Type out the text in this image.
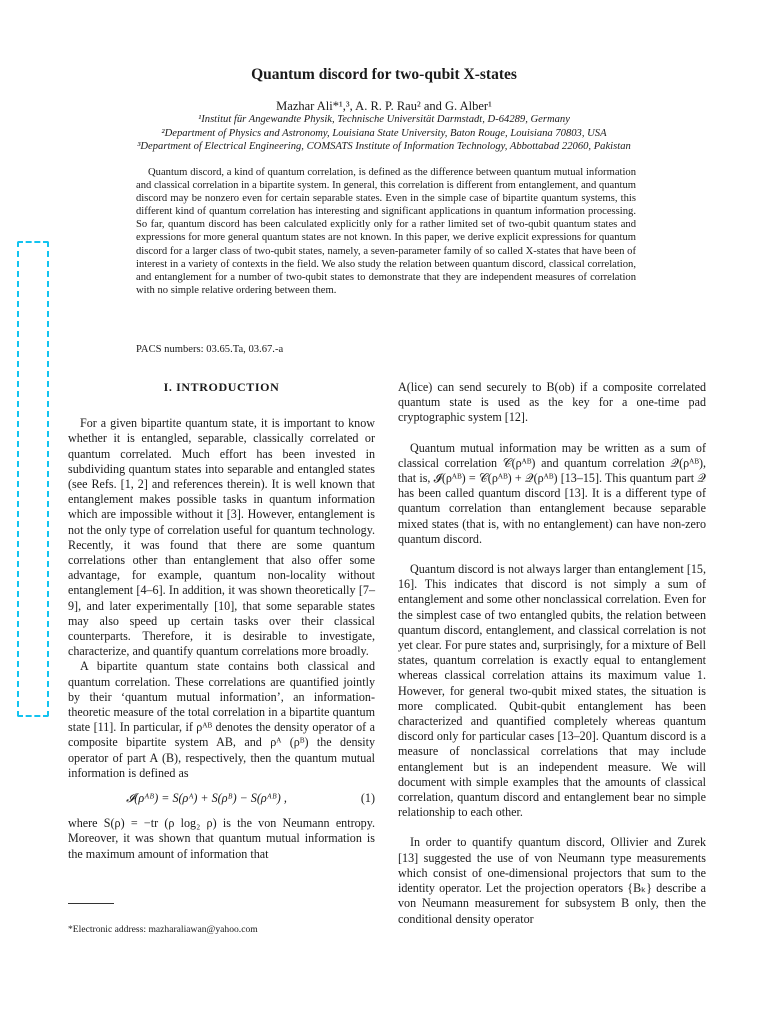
Quantum discord for two-qubit X-states
Mazhar Ali*¹,³, A. R. P. Rau² and G. Alber¹
¹Institut für Angewandte Physik, Technische Universität Darmstadt, D-64289, Germany
²Department of Physics and Astronomy, Louisiana State University, Baton Rouge, Louisiana 70803, USA
³Department of Electrical Engineering, COMSATS Institute of Information Technology, Abbottabad 22060, Pakistan

Quantum discord, a kind of quantum correlation, is defined as the difference between quantum mutual information and classical correlation in a bipartite system. In general, this correlation is different from entanglement, and quantum discord may be nonzero even for certain separable states. Even in the simple case of bipartite quantum systems, this different kind of quantum correlation has interesting and significant applications in quantum information processing. So far, quantum discord has been calculated explicitly only for a rather limited set of two-qubit quantum states and expressions for more general quantum states are not known. In this paper, we derive explicit expressions for quantum discord for a larger class of two-qubit states, namely, a seven-parameter family of so called X-states that have been of interest in a variety of contexts in the field. We also study the relation between quantum discord, classical correlation, and entanglement for a number of two-qubit states to demonstrate that they are independent measures of correlation with no simple relative ordering between them.

PACS numbers: 03.65.Ta, 03.67.-a
I. INTRODUCTION

For a given bipartite quantum state, it is important to know whether it is entangled, separable, classically correlated or quantum correlated. Much effort has been invested in subdividing quantum states into separable and entangled states (see Refs. [1, 2] and references therein). It is well known that entanglement makes possible tasks in quantum information which are impossible without it [3]. However, entanglement is not the only type of correlation useful for quantum technology. Recently, it was found that there are some quantum correlations other than entanglement that also offer some advantage, for example, quantum non-locality without entanglement [4–6]. In addition, it was shown theoretically [7–9], and later experimentally [10], that some separable states may also speed up certain tasks over their classical counterparts. Therefore, it is desirable to investigate, characterize, and quantify quantum correlations more broadly.

A bipartite quantum state contains both classical and quantum correlation. These correlations are quantified jointly by their ‘quantum mutual information’, an information-theoretic measure of the total correlation in a bipartite quantum state [11]. In particular, if ρᴬᴮ denotes the density operator of a composite bipartite system AB, and ρᴬ (ρᴮ) the density operator of part A (B), respectively, then the quantum mutual information is defined as

𝓘(ρᴬᴮ) = S(ρᴬ) + S(ρᴮ) − S(ρᴬᴮ) ,	(1)

where S(ρ) = −tr (ρ log₂ ρ) is the von Neumann entropy. Moreover, it was shown that quantum mutual information is the maximum amount of information that

A(lice) can send securely to B(ob) if a composite correlated quantum state is used as the key for a one-time pad cryptographic system [12].

Quantum mutual information may be written as a sum of classical correlation 𝒞(ρᴬᴮ) and quantum correlation 𝒬(ρᴬᴮ), that is, 𝓘(ρᴬᴮ) = 𝒞(ρᴬᴮ) + 𝒬(ρᴬᴮ) [13–15]. This quantum part 𝒬 has been called quantum discord [13]. It is a different type of quantum correlation than entanglement because separable mixed states (that is, with no entanglement) can have non-zero quantum discord.

Quantum discord is not always larger than entanglement [15, 16]. This indicates that discord is not simply a sum of entanglement and some other nonclassical correlation. Even for the simplest case of two entangled qubits, the relation between quantum discord, entanglement, and classical correlation is not yet clear. For pure states and, surprisingly, for a mixture of Bell states, quantum correlation is exactly equal to entanglement whereas classical correlation attains its maximum value 1. However, for general two-qubit mixed states, the situation is more complicated. Qubit-qubit entanglement has been characterized and quantified completely whereas quantum discord only for particular cases [13–20]. Quantum discord is a measure of nonclassical correlations that may include entanglement but is an independent measure. We will document with simple examples that the amounts of classical correlation, quantum discord and entanglement bear no simple relationship to each other.

In order to quantify quantum discord, Ollivier and Zurek [13] suggested the use of von Neumann type measurements which consist of one-dimensional projectors that sum to the identity operator. Let the projection operators {Bₖ} describe a von Neumann measurement for subsystem B only, then the conditional density operator

*Electronic address: mazharaliawan@yahoo.com
